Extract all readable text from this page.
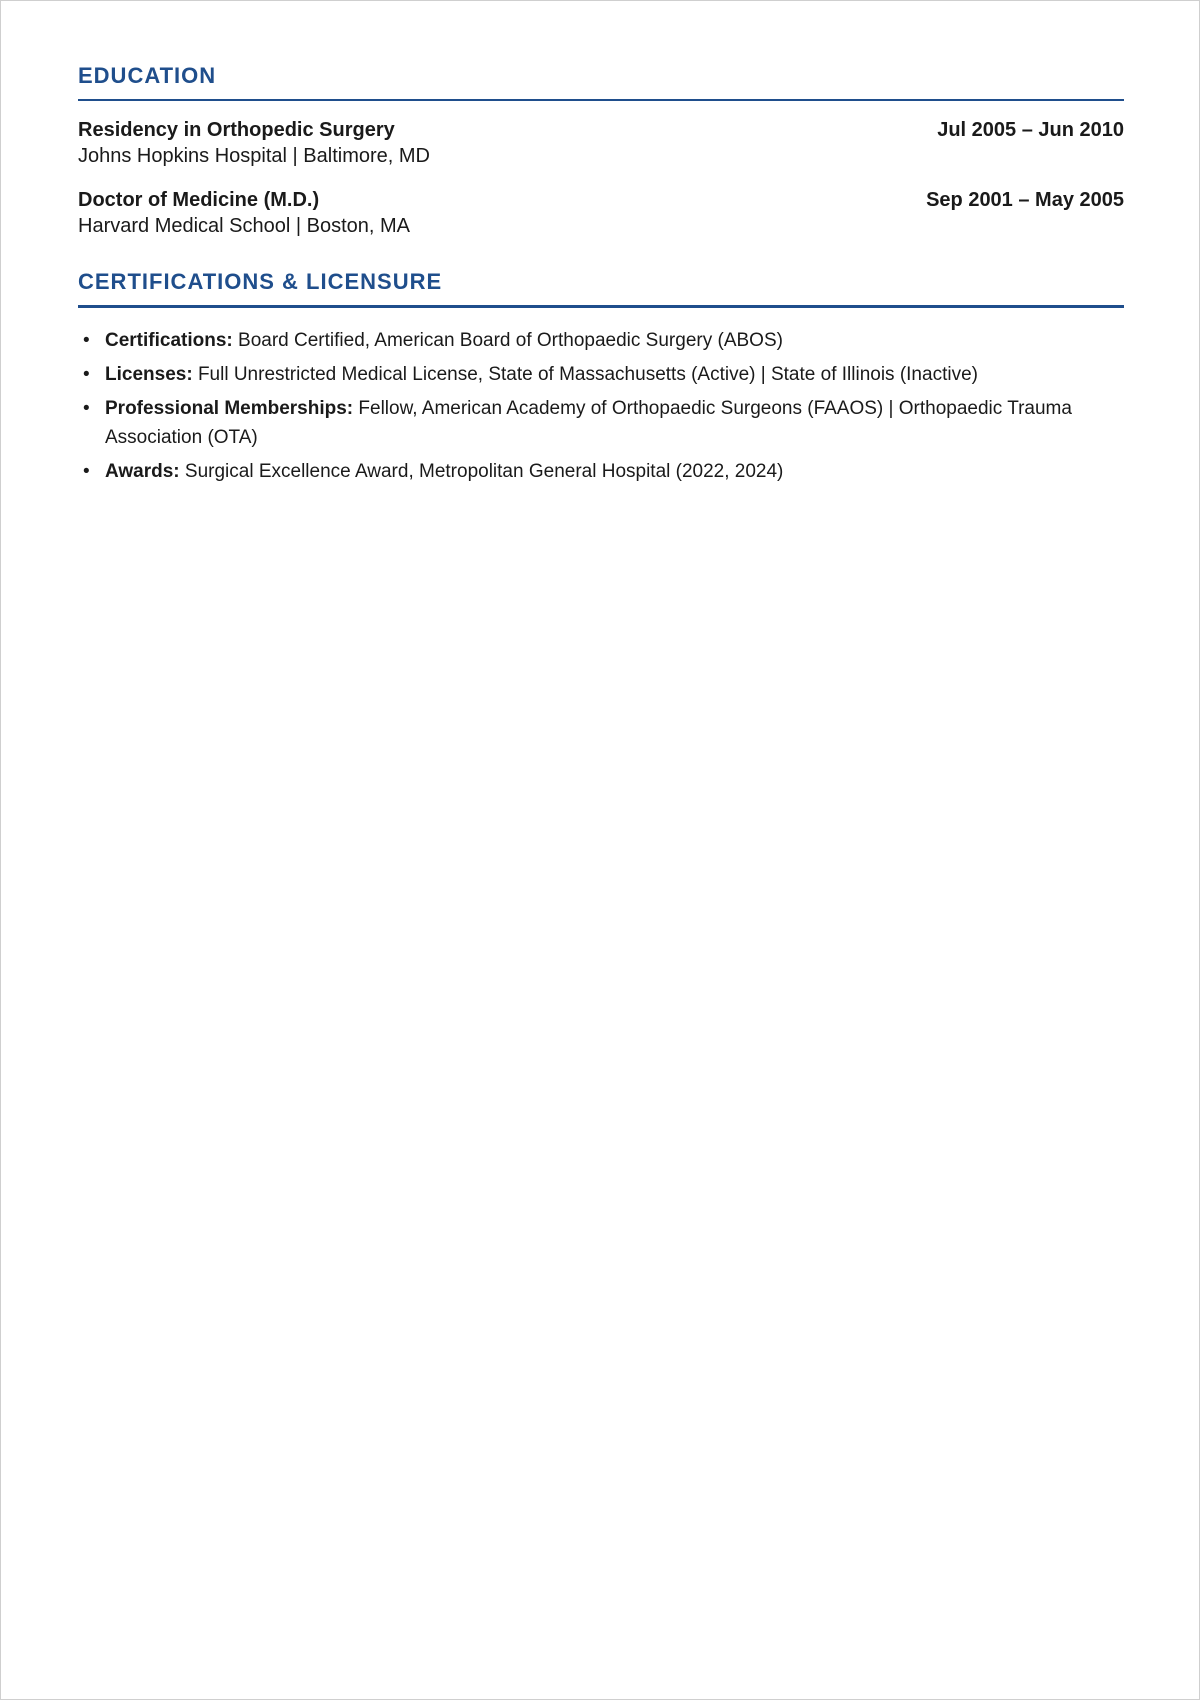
EDUCATION
Residency in Orthopedic Surgery	Jul 2005 – Jun 2010
Johns Hopkins Hospital | Baltimore, MD
Doctor of Medicine (M.D.)	Sep 2001 – May 2005
Harvard Medical School | Boston, MA
CERTIFICATIONS & LICENSURE
• Certifications: Board Certified, American Board of Orthopaedic Surgery (ABOS)
• Licenses: Full Unrestricted Medical License, State of Massachusetts (Active) | State of Illinois (Inactive)
• Professional Memberships: Fellow, American Academy of Orthopaedic Surgeons (FAAOS) | Orthopaedic Trauma Association (OTA)
• Awards: Surgical Excellence Award, Metropolitan General Hospital (2022, 2024)
